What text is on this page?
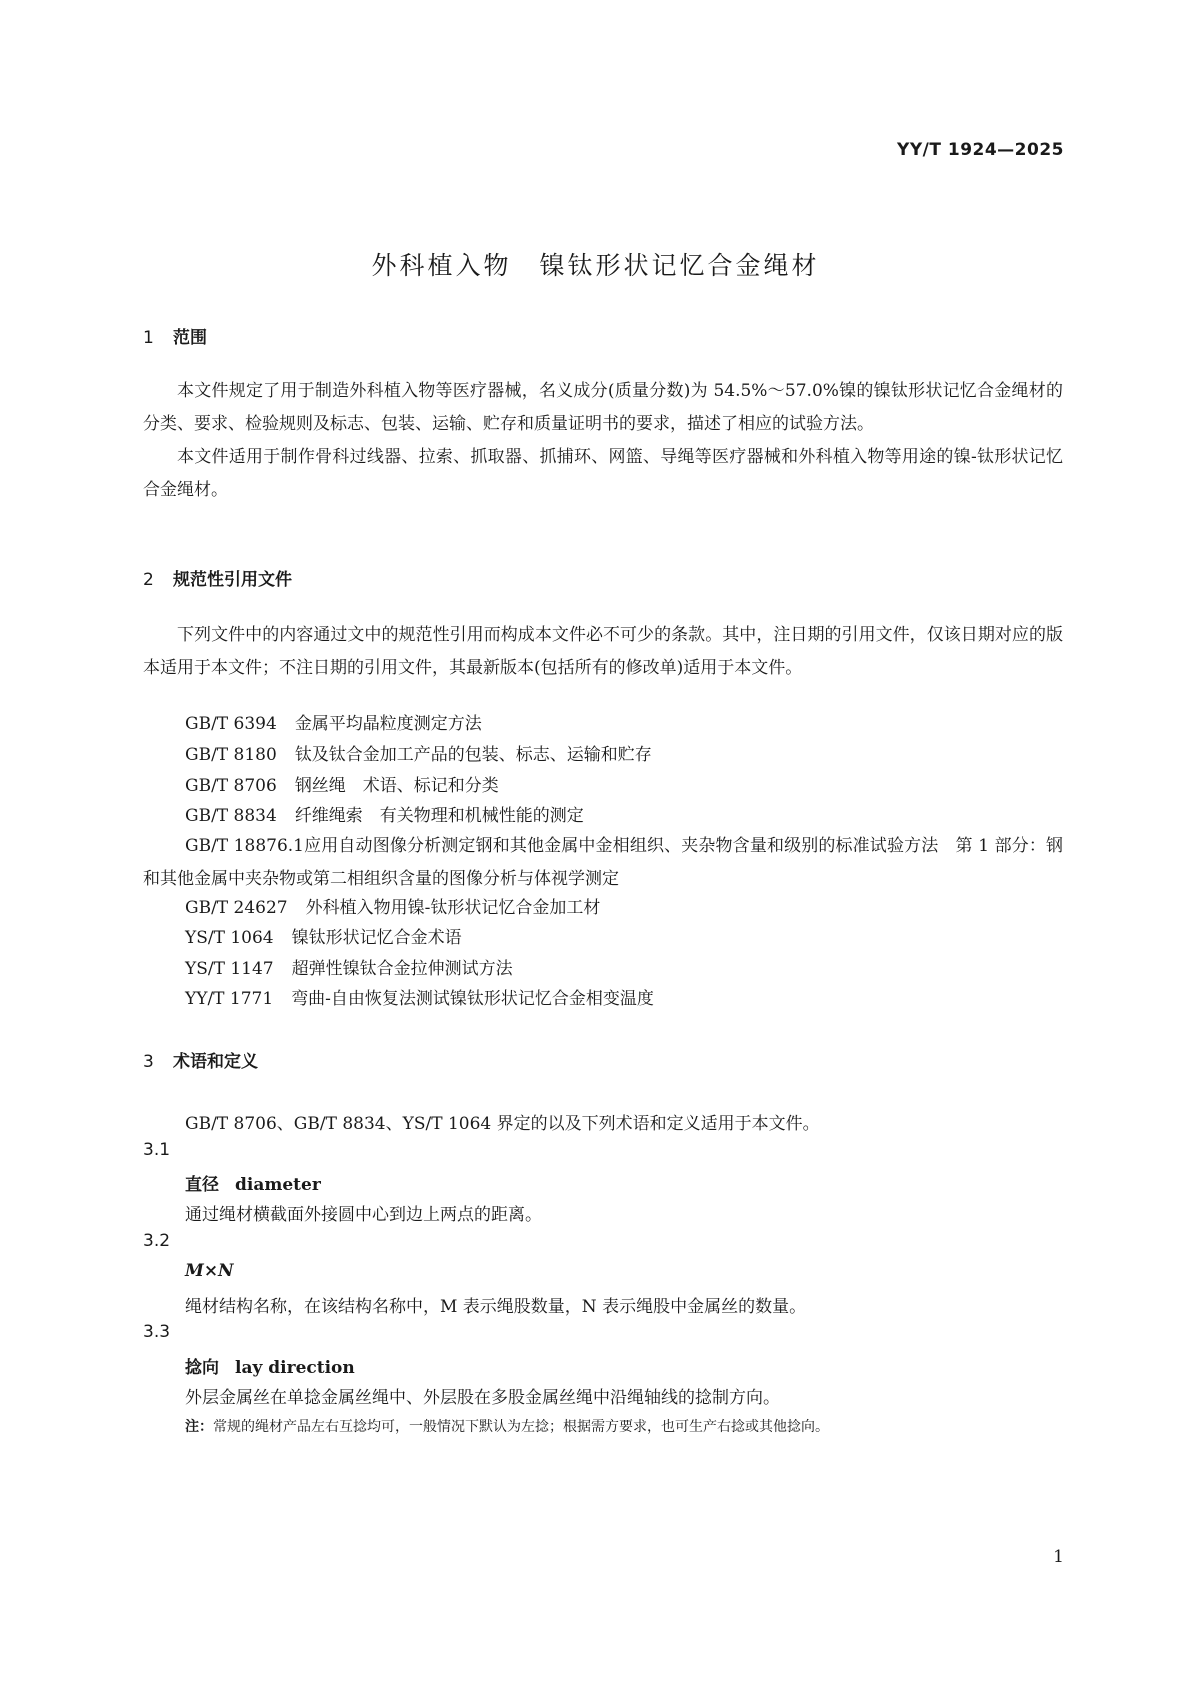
YY/T 1924—2025
外科植入物　镍钛形状记忆合金绳材
1 范围

本文件规定了用于制造外科植入物等医疗器械，名义成分(质量分数)为 54.5%～57.0%镍的镍钛形状记忆合金绳材的分类、要求、检验规则及标志、包装、运输、贮存和质量证明书的要求，描述了相应的试验方法。

本文件适用于制作骨科过线器、拉索、抓取器、抓捕环、网篮、导绳等医疗器械和外科植入物等用途的镍-钛形状记忆合金绳材。

2 规范性引用文件

下列文件中的内容通过文中的规范性引用而构成本文件必不可少的条款。其中，注日期的引用文件，仅该日期对应的版本适用于本文件；不注日期的引用文件，其最新版本(包括所有的修改单)适用于本文件。

GB/T 6394 金属平均晶粒度测定方法
GB/T 8180 钛及钛合金加工产品的包装、标志、运输和贮存
GB/T 8706 钢丝绳　术语、标记和分类
GB/T 8834 纤维绳索　有关物理和机械性能的测定

GB/T 18876.1应用自动图像分析测定钢和其他金属中金相组织、夹杂物含量和级别的标准试验方法　第 1 部分：钢和其他金属中夹杂物或第二相组织含量的图像分析与体视学测定

GB/T 24627 外科植入物用镍-钛形状记忆合金加工材
YS/T 1064 镍钛形状记忆合金术语
YS/T 1147 超弹性镍钛合金拉伸测试方法
YY/T 1771 弯曲-自由恢复法测试镍钛形状记忆合金相变温度
3 术语和定义
GB/T 8706、GB/T 8834、YS/T 1064 界定的以及下列术语和定义适用于本文件。
3.1
直径 diameter
通过绳材横截面外接圆中心到边上两点的距离。
3.2
M×N
绳材结构名称，在该结构名称中，M 表示绳股数量，N 表示绳股中金属丝的数量。
3.3
捻向 lay direction
外层金属丝在单捻金属丝绳中、外层股在多股金属丝绳中沿绳轴线的捻制方向。
注：常规的绳材产品左右互捻均可，一般情况下默认为左捻；根据需方要求，也可生产右捻或其他捻向。
1
